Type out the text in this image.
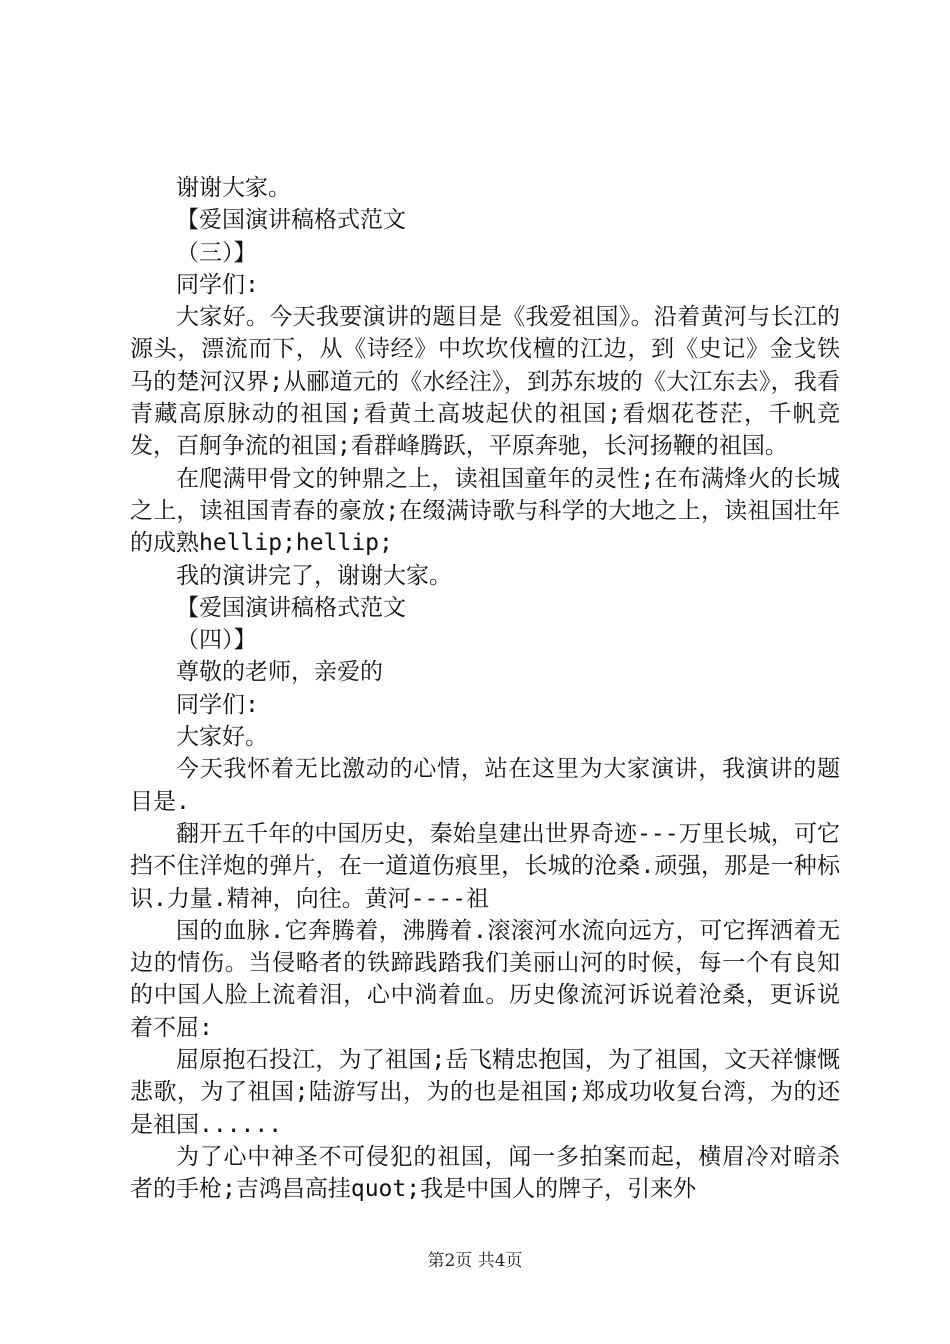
谢谢大家。

【爱国演讲稿格式范文

（三）】

同学们:

大家好。今天我要演讲的题目是《我爱祖国》。沿着黄河与长江的源头，漂流而下，从《诗经》中坎坎伐檀的江边，到《史记》金戈铁马的楚河汉界;从郦道元的《水经注》，到苏东坡的《大江东去》，我看青藏高原脉动的祖国;看黄土高坡起伏的祖国;看烟花苍茫，千帆竞发，百舸争流的祖国;看群峰腾跃，平原奔驰，长河扬鞭的祖国。

在爬满甲骨文的钟鼎之上，读祖国童年的灵性;在布满烽火的长城之上，读祖国青春的豪放;在缀满诗歌与科学的大地之上，读祖国壮年的成熟hellip;hellip;

我的演讲完了，谢谢大家。

【爱国演讲稿格式范文

（四）】

尊敬的老师，亲爱的

同学们:

大家好。

今天我怀着无比激动的心情，站在这里为大家演讲，我演讲的题目是.

翻开五千年的中国历史，秦始皇建出世界奇迹---万里长城，可它挡不住洋炮的弹片，在一道道伤痕里，长城的沧桑.顽强，那是一种标识.力量.精神，向往。黄河----祖

国的血脉.它奔腾着，沸腾着.滚滚河水流向远方，可它挥洒着无边的情伤。当侵略者的铁蹄践踏我们美丽山河的时候，每一个有良知的中国人脸上流着泪，心中淌着血。历史像流河诉说着沧桑，更诉说着不屈:

屈原抱石投江，为了祖国;岳飞精忠抱国，为了祖国，文天祥慷慨悲歌，为了祖国;陆游写出，为的也是祖国;郑成功收复台湾，为的还是祖国......

为了心中神圣不可侵犯的祖国，闻一多拍案而起，横眉冷对暗杀者的手枪;吉鸿昌高挂quot;我是中国人的牌子，引来外

第2页 共4页
